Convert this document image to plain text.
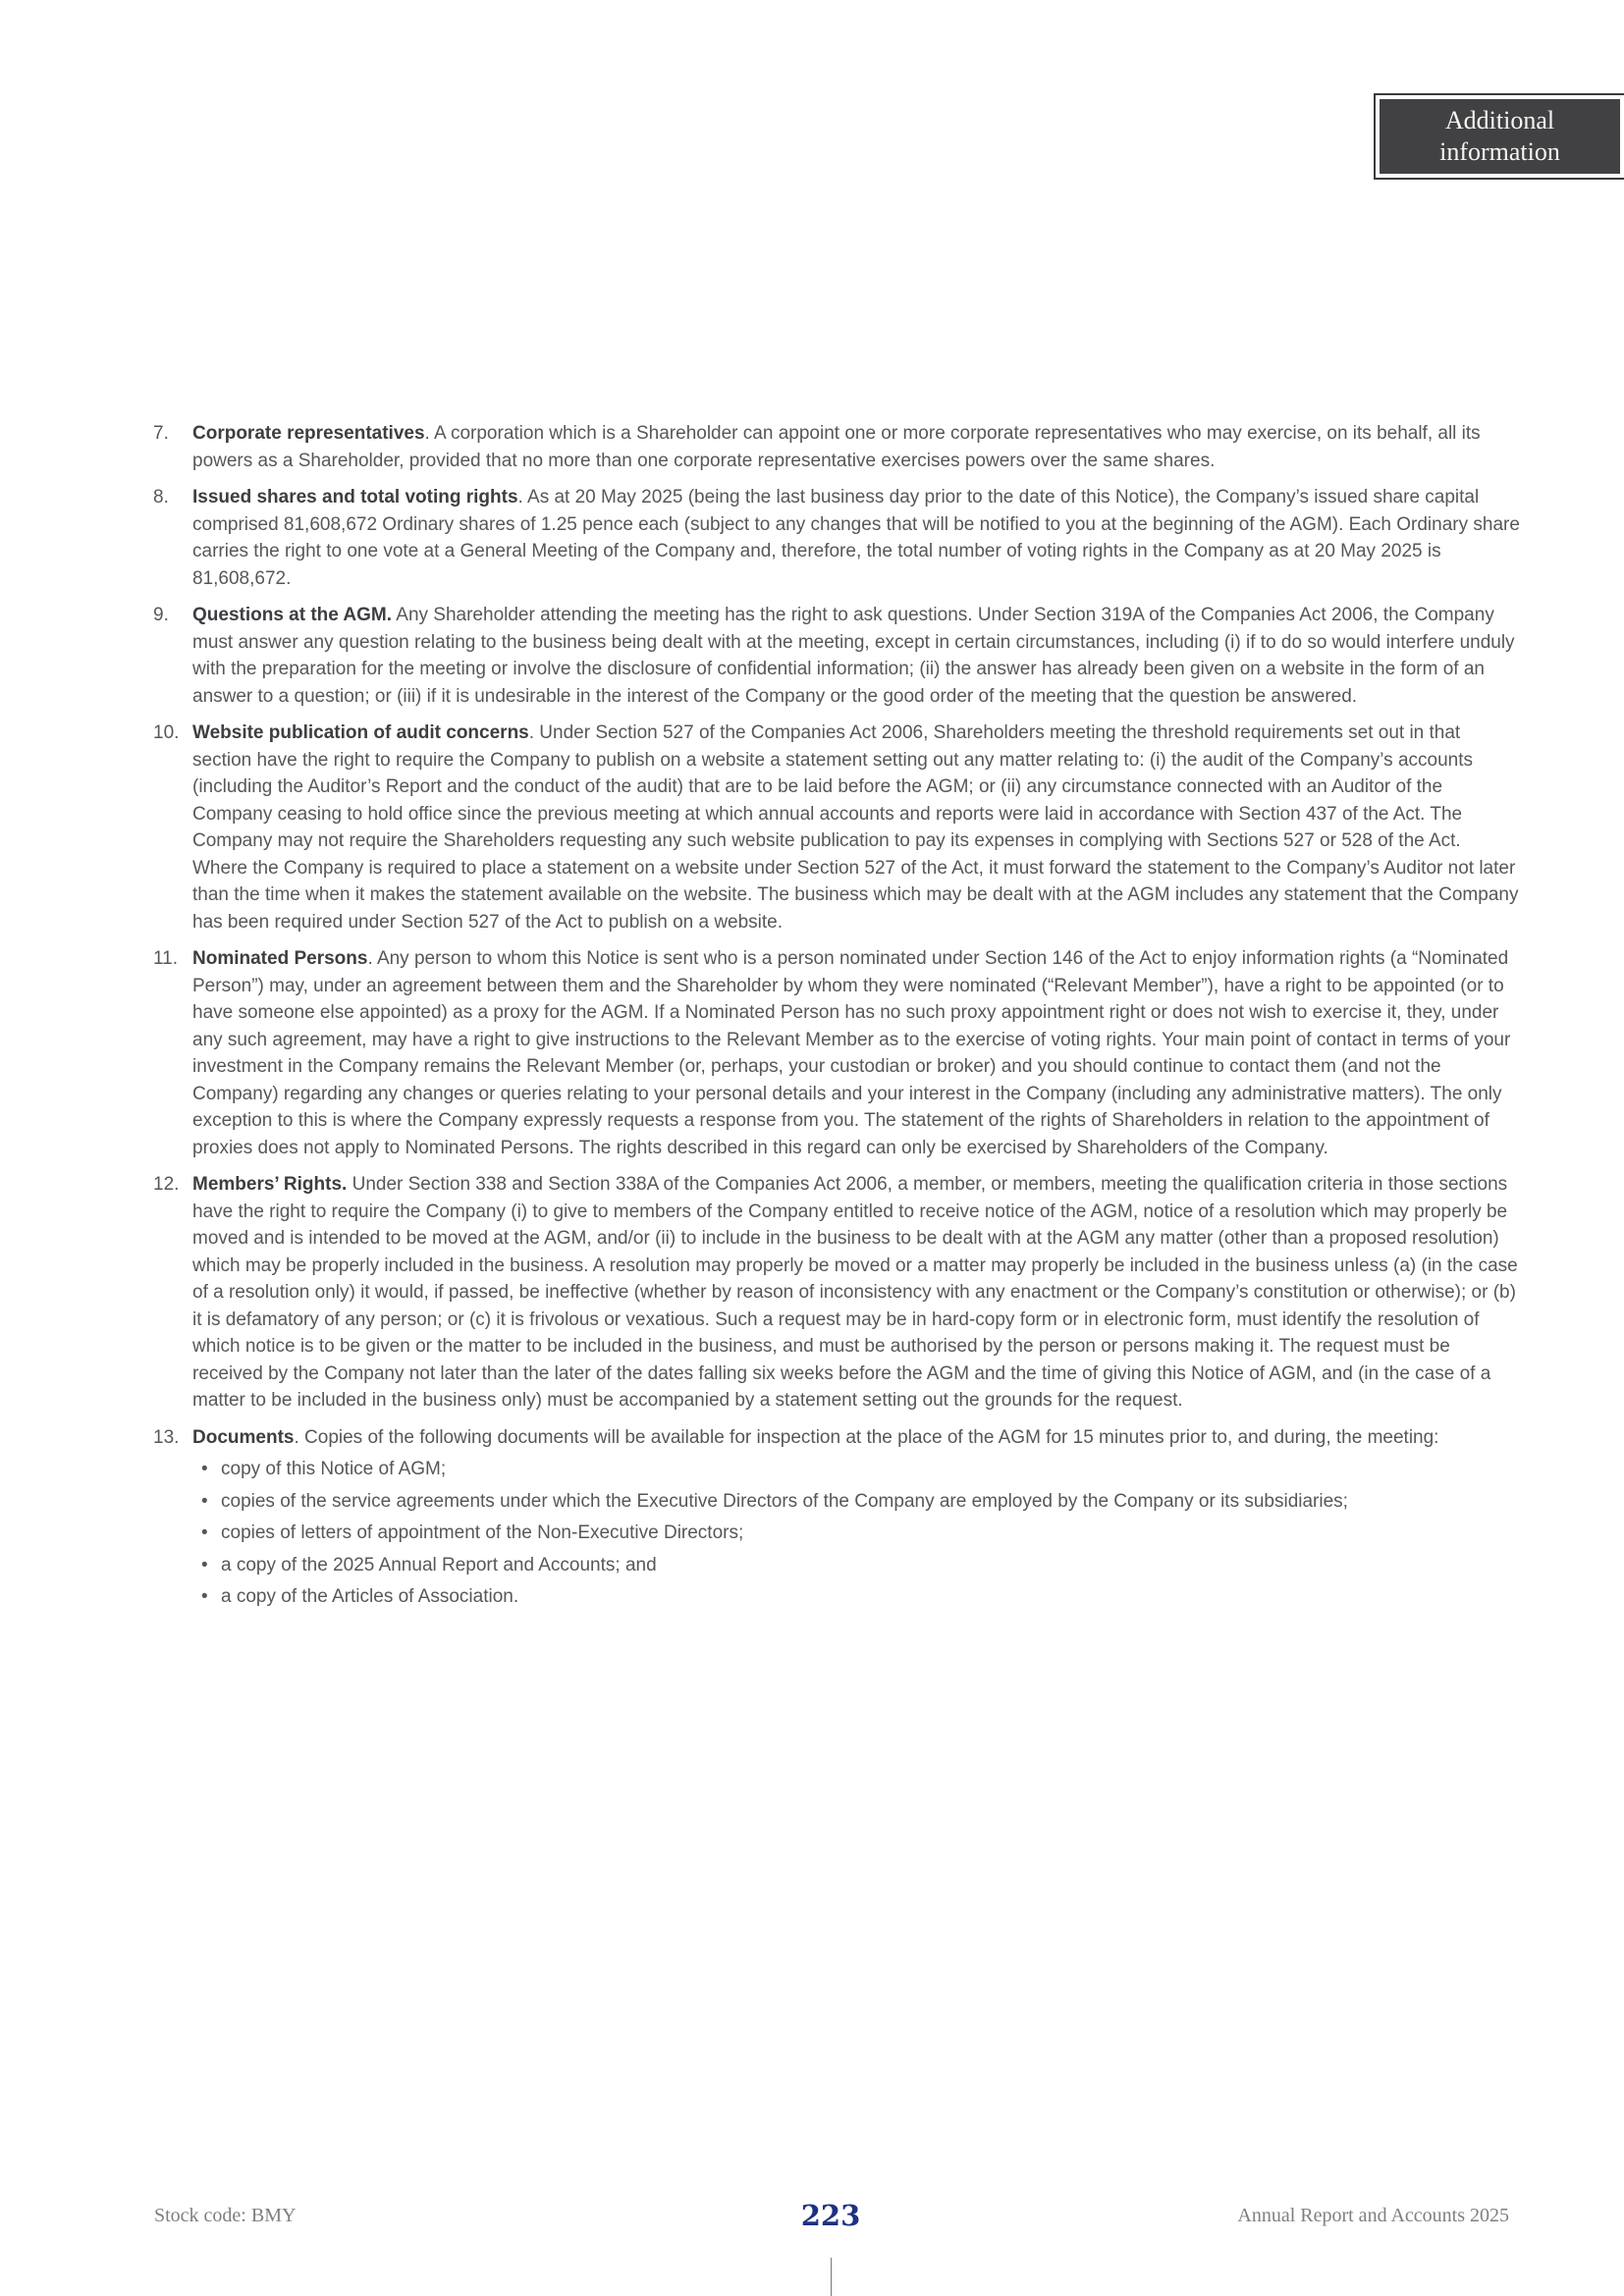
Additional
information
7.	Corporate representatives. A corporation which is a Shareholder can appoint one or more corporate representatives who may exercise, on its behalf, all its powers as a Shareholder, provided that no more than one corporate representative exercises powers over the same shares.
8.	Issued shares and total voting rights. As at 20 May 2025 (being the last business day prior to the date of this Notice), the Company’s issued share capital comprised 81,608,672 Ordinary shares of 1.25 pence each (subject to any changes that will be notified to you at the beginning of the AGM). Each Ordinary share carries the right to one vote at a General Meeting of the Company and, therefore, the total number of voting rights in the Company as at 20 May 2025 is 81,608,672.
9.	Questions at the AGM. Any Shareholder attending the meeting has the right to ask questions. Under Section 319A of the Companies Act 2006, the Company must answer any question relating to the business being dealt with at the meeting, except in certain circumstances, including (i) if to do so would interfere unduly with the preparation for the meeting or involve the disclosure of confidential information; (ii) the answer has already been given on a website in the form of an answer to a question; or (iii) if it is undesirable in the interest of the Company or the good order of the meeting that the question be answered.
10. Website publication of audit concerns. Under Section 527 of the Companies Act 2006, Shareholders meeting the threshold requirements set out in that section have the right to require the Company to publish on a website a statement setting out any matter relating to: (i) the audit of the Company’s accounts (including the Auditor’s Report and the conduct of the audit) that are to be laid before the AGM; or (ii) any circumstance connected with an Auditor of the Company ceasing to hold office since the previous meeting at which annual accounts and reports were laid in accordance with Section 437 of the Act. The Company may not require the Shareholders requesting any such website publication to pay its expenses in complying with Sections 527 or 528 of the Act. Where the Company is required to place a statement on a website under Section 527 of the Act, it must forward the statement to the Company’s Auditor not later than the time when it makes the statement available on the website. The business which may be dealt with at the AGM includes any statement that the Company has been required under Section 527 of the Act to publish on a website.
11. Nominated Persons. Any person to whom this Notice is sent who is a person nominated under Section 146 of the Act to enjoy information rights (a “Nominated Person”) may, under an agreement between them and the Shareholder by whom they were nominated (“Relevant Member”), have a right to be appointed (or to have someone else appointed) as a proxy for the AGM. If a Nominated Person has no such proxy appointment right or does not wish to exercise it, they, under any such agreement, may have a right to give instructions to the Relevant Member as to the exercise of voting rights. Your main point of contact in terms of your investment in the Company remains the Relevant Member (or, perhaps, your custodian or broker) and you should continue to contact them (and not the Company) regarding any changes or queries relating to your personal details and your interest in the Company (including any administrative matters). The only exception to this is where the Company expressly requests a response from you. The statement of the rights of Shareholders in relation to the appointment of proxies does not apply to Nominated Persons. The rights described in this regard can only be exercised by Shareholders of the Company.
12. Members’ Rights. Under Section 338 and Section 338A of the Companies Act 2006, a member, or members, meeting the qualification criteria in those sections have the right to require the Company (i) to give to members of the Company entitled to receive notice of the AGM, notice of a resolution which may properly be moved and is intended to be moved at the AGM, and/or (ii) to include in the business to be dealt with at the AGM any matter (other than a proposed resolution) which may be properly included in the business. A resolution may properly be moved or a matter may properly be included in the business unless (a) (in the case of a resolution only) it would, if passed, be ineffective (whether by reason of inconsistency with any enactment or the Company’s constitution or otherwise); or (b) it is defamatory of any person; or (c) it is frivolous or vexatious. Such a request may be in hard-copy form or in electronic form, must identify the resolution of which notice is to be given or the matter to be included in the business, and must be authorised by the person or persons making it. The request must be received by the Company not later than the later of the dates falling six weeks before the AGM and the time of giving this Notice of AGM, and (in the case of a matter to be included in the business only) must be accompanied by a statement setting out the grounds for the request.
13. Documents. Copies of the following documents will be available for inspection at the place of the AGM for 15 minutes prior to, and during, the meeting:
• copy of this Notice of AGM;
• copies of the service agreements under which the Executive Directors of the Company are employed by the Company or its subsidiaries;
• copies of letters of appointment of the Non-Executive Directors;
• a copy of the 2025 Annual Report and Accounts; and
• a copy of the Articles of Association.
Stock code: BMY	223	Annual Report and Accounts 2025
